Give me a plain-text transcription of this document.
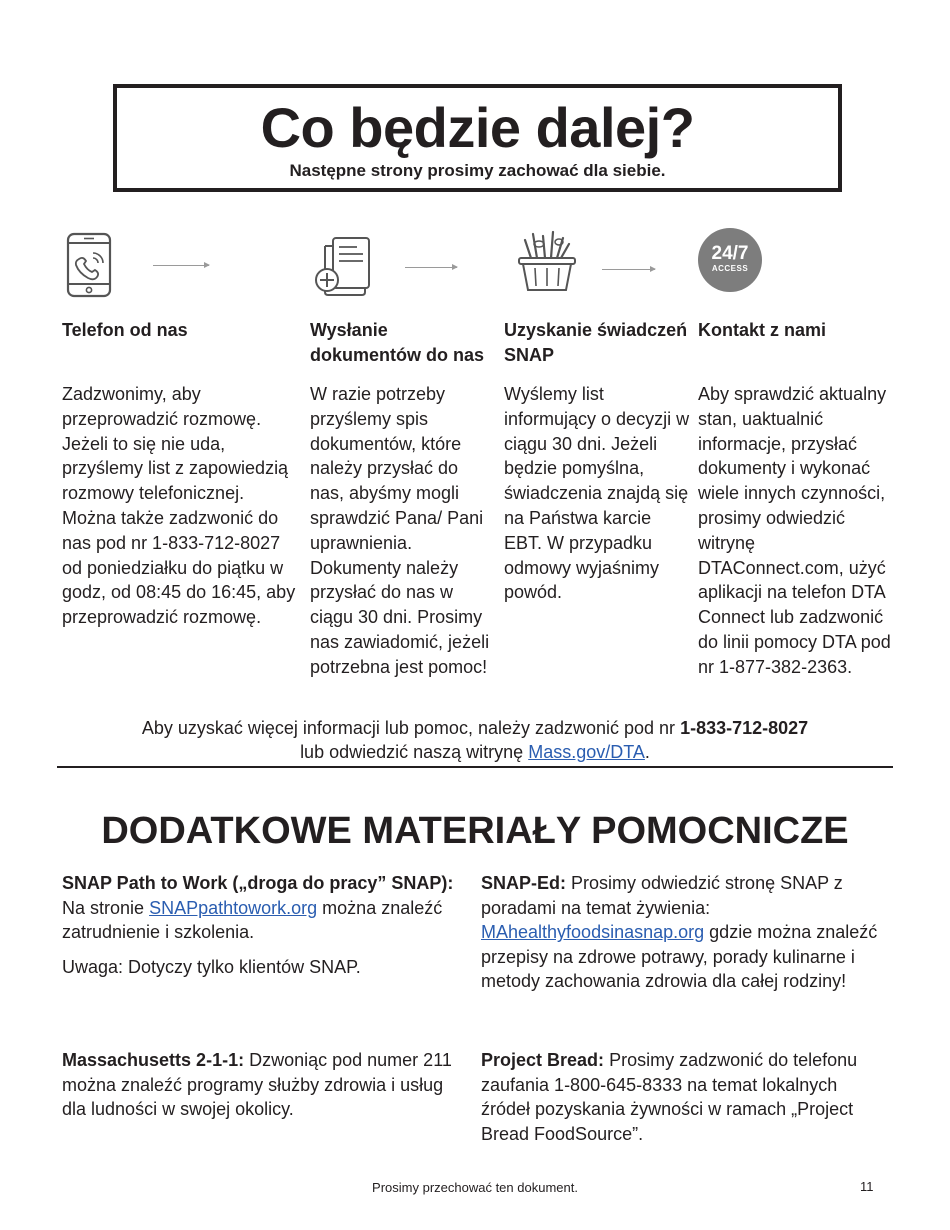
Co będzie dalej?
Następne strony prosimy zachować dla siebie.
24/7
ACCESS
Telefon od nas
Zadzwonimy, aby przeprowadzić rozmowę. Jeżeli to się nie uda, przyślemy list z zapowiedzią rozmowy telefonicznej. Można także zadzwonić do nas pod nr 1-833-712-8027 od poniedziałku do piątku w godz, od 08:45 do 16:45, aby przeprowadzić rozmowę.
Wysłanie dokumentów do nas
W razie potrzeby przyślemy spis dokumentów, które należy przysłać do nas, abyśmy mogli sprawdzić Pana/ Pani uprawnienia. Dokumenty należy przysłać do nas w ciągu 30 dni. Prosimy nas zawiadomić, jeżeli potrzebna jest pomoc!
Uzyskanie świadczeń SNAP
Wyślemy list informujący o decyzji w ciągu 30 dni. Jeżeli będzie pomyślna, świadczenia znajdą się na Państwa karcie EBT. W przypadku odmowy wyjaśnimy powód.
Kontakt z nami
Aby sprawdzić aktualny stan, uaktualnić informacje, przysłać dokumenty i wykonać wiele innych czynności, prosimy odwiedzić witrynę DTAConnect.com, użyć aplikacji na telefon DTA Connect lub zadzwonić do linii pomocy DTA pod nr 1-877-382-2363.
Aby uzyskać więcej informacji lub pomoc, należy zadzwonić pod nr 1-833-712-8027
lub odwiedzić naszą witrynę Mass.gov/DTA.
DODATKOWE MATERIAŁY POMOCNICZE
SNAP Path to Work („droga do pracy” SNAP):
Na stronie SNAPpathtowork.org można znaleźć zatrudnienie i szkolenia.
Uwaga: Dotyczy tylko klientów SNAP.
SNAP-Ed: Prosimy odwiedzić stronę SNAP z poradami na temat żywienia: MAhealthyfoodsinasnap.org gdzie można znaleźć przepisy na zdrowe potrawy, porady kulinarne i metody zachowania zdrowia dla całej rodziny!
Massachusetts 2-1-1: Dzwoniąc pod numer 211 można znaleźć programy służby zdrowia i usług dla ludności w swojej okolicy.
Project Bread: Prosimy zadzwonić do telefonu zaufania 1-800-645-8333 na temat lokalnych źródeł pozyskania żywności w ramach „Project Bread FoodSource”.
Prosimy przechować ten dokument.	11
